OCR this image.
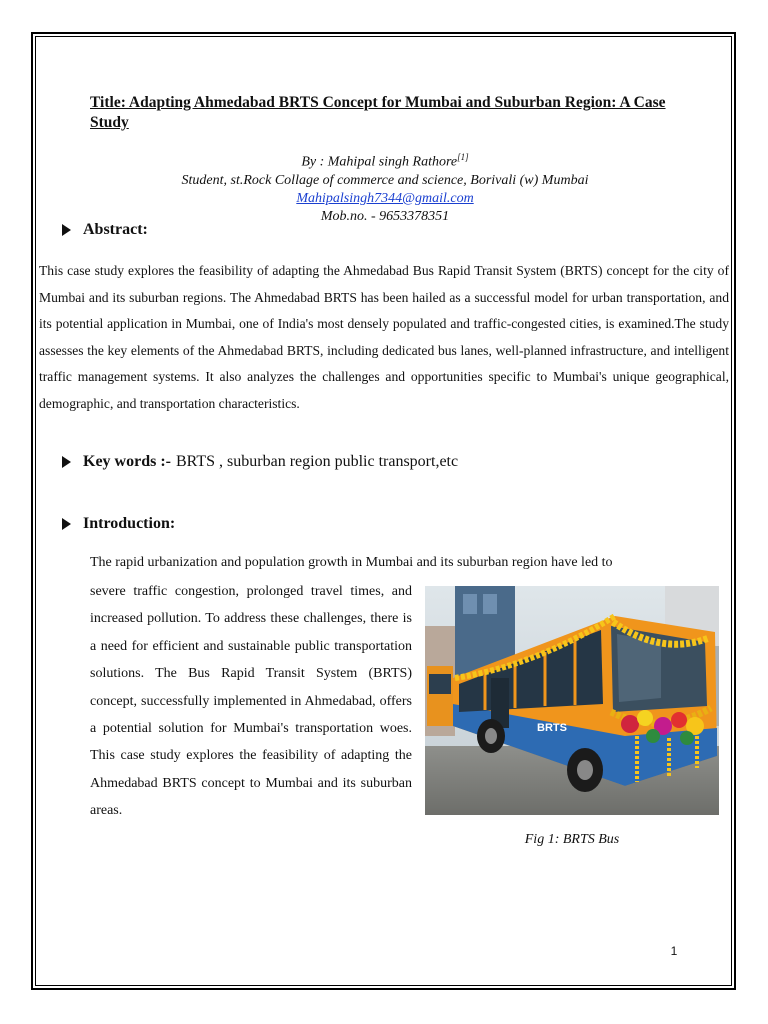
Title: Adapting Ahmedabad BRTS Concept for Mumbai and Suburban Region: A Case Study
By : Mahipal singh Rathore[1]
Student, st.Rock Collage of commerce and science, Borivali (w) Mumbai
Mahipalsingh7344@gmail.com
Mob.no. - 9653378351
Abstract:
This case study explores the feasibility of adapting the Ahmedabad Bus Rapid Transit System (BRTS) concept for the city of Mumbai and its suburban regions. The Ahmedabad BRTS has been hailed as a successful model for urban transportation, and its potential application in Mumbai, one of India's most densely populated and traffic-congested cities, is examined.The study assesses the key elements of the Ahmedabad BRTS, including dedicated bus lanes, well-planned infrastructure, and intelligent traffic management systems. It also analyzes the challenges and opportunities specific to Mumbai's unique geographical, demographic, and transportation characteristics.
Key words :- BRTS , suburban region public transport,etc
Introduction:
The rapid urbanization and population growth in Mumbai and its suburban region have led to
severe traffic congestion, prolonged travel times, and increased pollution. To address these challenges, there is a need for efficient and sustainable public transportation solutions. The Bus Rapid Transit System (BRTS) concept, successfully implemented in Ahmedabad, offers a potential solution for Mumbai's transportation woes. This case study explores the feasibility of adapting the Ahmedabad BRTS concept to Mumbai and its suburban areas.
BRTS
Fig 1: BRTS Bus
1
